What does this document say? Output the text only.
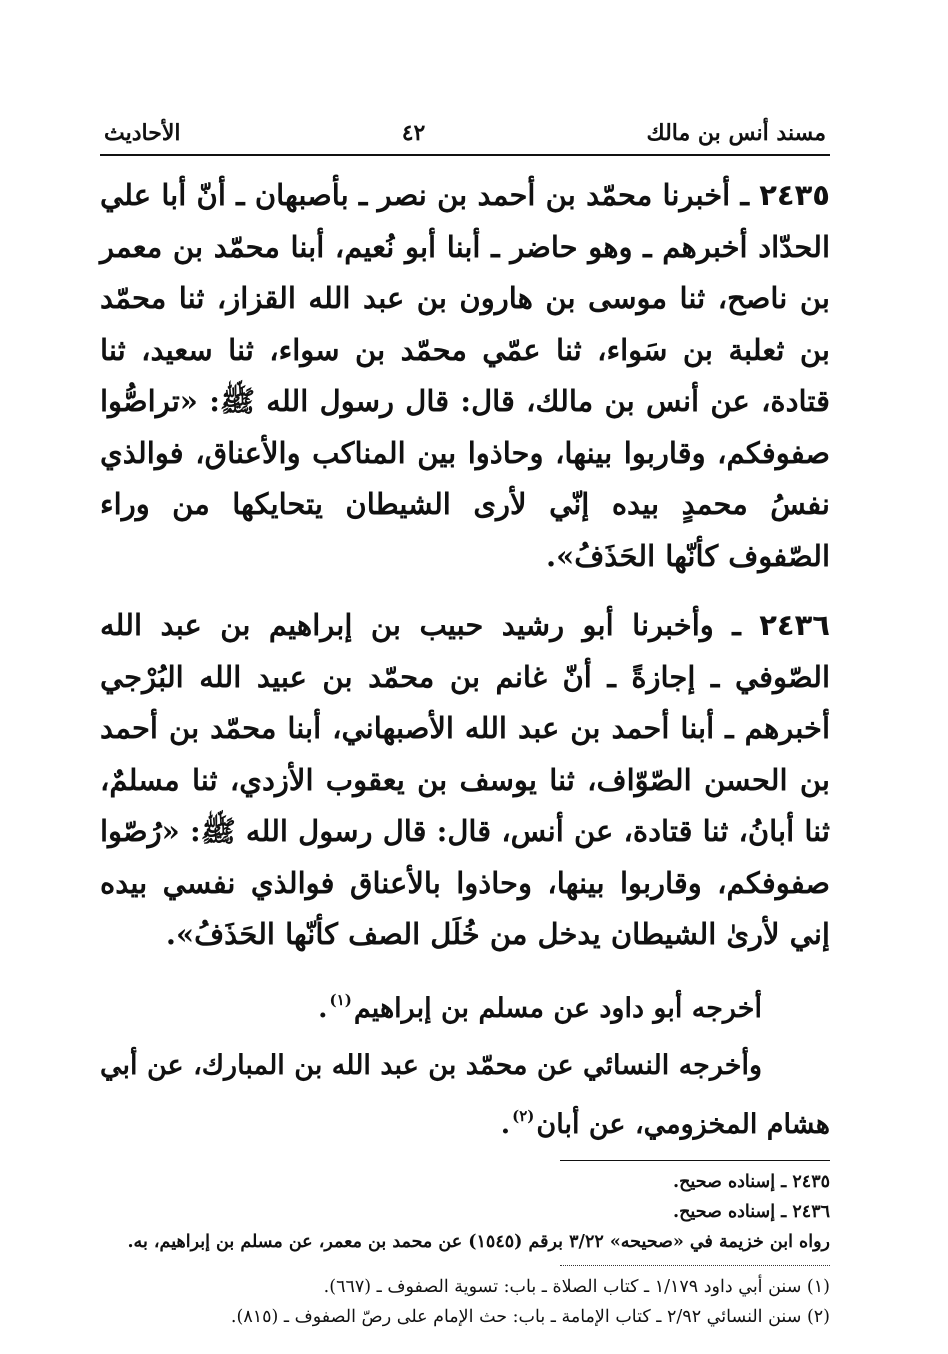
مسند أنس بن مالك
٤٢
الأحاديث

٢٤٣٥ ـ أخبرنا محمّد بن أحمد بن نصر ـ بأصبهان ـ أنّ أبا علي الحدّاد أخبرهم ـ وهو حاضر ـ أبنا أبو نُعيم، أبنا محمّد بن معمر بن ناصح، ثنا موسى بن هارون بن عبد الله القزاز، ثنا محمّد بن ثعلبة بن سَواء، ثنا عمّي محمّد بن سواء، ثنا سعيد، ثنا قتادة، عن أنس بن مالك، قال: قال رسول الله ﷺ: «تراصُّوا صفوفكم، وقاربوا بينها، وحاذوا بين المناكب والأعناق، فوالذي نفسُ محمدٍ بيده إنّي لأرى الشيطان يتحايكها من وراء الصّفوف كأنّها الحَذَفُ».

٢٤٣٦ ـ وأخبرنا أبو رشيد حبيب بن إبراهيم بن عبد الله الصّوفي ـ إجازةً ـ أنّ غانم بن محمّد بن عبيد الله البُرْجي أخبرهم ـ أبنا أحمد بن عبد الله الأصبهاني، أبنا محمّد بن أحمد بن الحسن الصّوّاف، ثنا يوسف بن يعقوب الأزدي، ثنا مسلمٌ، ثنا أبانُ، ثنا قتادة، عن أنس، قال: قال رسول الله ﷺ: «رُصّوا صفوفكم، وقاربوا بينها، وحاذوا بالأعناق فوالذي نفسي بيده إني لأرىٰ الشيطان يدخل من خُلَل الصف كأنّها الحَذَفُ».

أخرجه أبو داود عن مسلم بن إبراهيم$^{(١)}$.

وأخرجه النسائي عن محمّد بن عبد الله بن المبارك، عن أبي هشام المخزومي، عن أبان$^{(٢)}$.

٢٤٣٥ ـ إسناده صحيح.

٢٤٣٦ ـ إسناده صحيح.

رواه ابن خزيمة في «صحيحه» ٣/٢٢ برقم (١٥٤٥) عن محمد بن معمر، عن مسلم بن إبراهيم، به.

(١) سنن أبي داود ١/١٧٩ ـ كتاب الصلاة ـ باب: تسوية الصفوف ـ (٦٦٧).

(٢) سنن النسائي ٢/٩٢ ـ كتاب الإمامة ـ باب: حث الإمام على رصّ الصفوف ـ (٨١٥).
